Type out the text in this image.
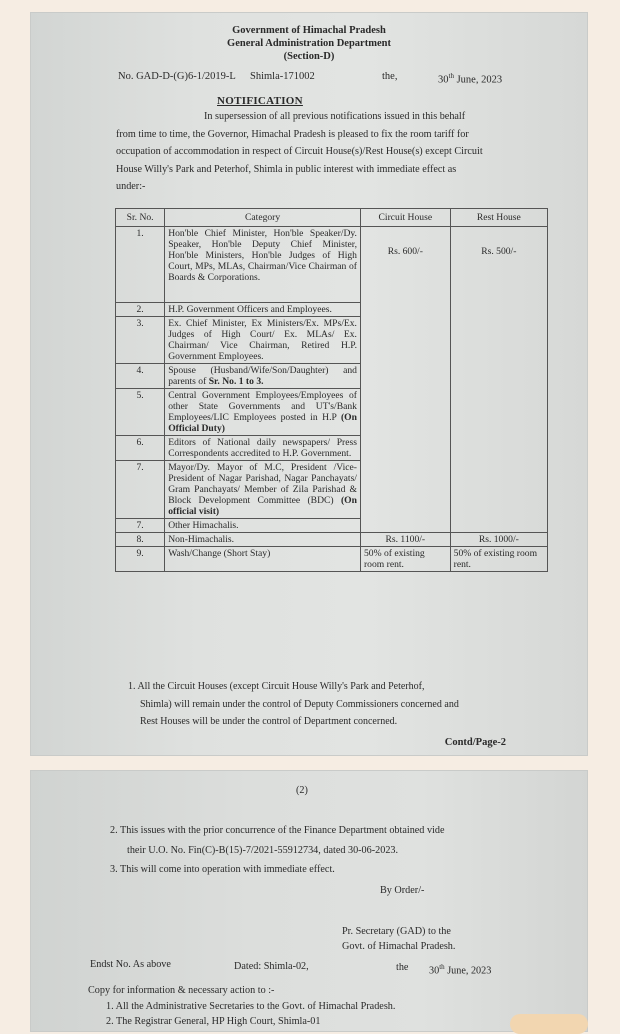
Government of Himachal Pradesh
General Administration Department
(Section-D)
No. GAD-D-(G)6-1/2019-L Shimla-171002	the,	30th June, 2023
NOTIFICATION
In supersession of all previous notifications issued in this behalf
from time to time, the Governor, Himachal Pradesh is pleased to fix the room tariff for
occupation of accommodation in respect of Circuit House(s)/Rest House(s) except Circuit
House Willy's Park and Peterhof, Shimla in public interest with immediate effect as
under:-
Sr. No.	Category	Circuit House	Rest House
1.	Hon'ble Chief Minister, Hon'ble Speaker/Dy. Speaker, Hon'ble Deputy Chief Minister, Hon'ble Ministers, Hon'ble Judges of High Court, MPs, MLAs, Chairman/Vice Chairman of Boards & Corporations.	Rs. 600/-	Rs. 500/-

2.	H.P. Government Officers and Employees.		
3.	Ex. Chief Minister, Ex Ministers/Ex. MPs/Ex. Judges of High Court/ Ex. MLAs/ Ex. Chairman/ Vice Chairman, Retired H.P. Government Employees.		
4.	Spouse (Husband/Wife/Son/Daughter) and parents of Sr. No. 1 to 3.		
5.	Central Government Employees/Employees of other State Governments and UT's/Bank Employees/LIC Employees posted in H.P (On Official Duty)		
6.	Editors of National daily newspapers/ Press Correspondents accredited to H.P. Government.		
7.	Mayor/Dy. Mayor of M.C, President /Vice-President of Nagar Parishad, Nagar Panchayats/ Gram Panchayats/ Member of Zila Parishad & Block Development Committee (BDC) (On official visit)		
7.	Other Himachalis.		
8.	Non-Himachalis.	Rs. 1100/-	Rs. 1000/-
9.	Wash/Change (Short Stay)	50% of existing room rent.	50% of existing room rent.
1. All the Circuit Houses (except Circuit House Willy's Park and Peterhof,
Shimla) will remain under the control of Deputy Commissioners concerned and
Rest Houses will be under the control of Department concerned.
Contd/Page-2
(2)
2. This issues with the prior concurrence of the Finance Department obtained vide
their U.O. No. Fin(C)-B(15)-7/2021-55912734, dated 30-06-2023.
3. This will come into operation with immediate effect.
By Order/-
Pr. Secretary (GAD) to the
Govt. of Himachal Pradesh.
Endst No. As above	Dated: Shimla-02,	the 30th June, 2023
Copy for information & necessary action to :-
1. All the Administrative Secretaries to the Govt. of Himachal Pradesh.
2. The Registrar General, HP High Court, Shimla-01
